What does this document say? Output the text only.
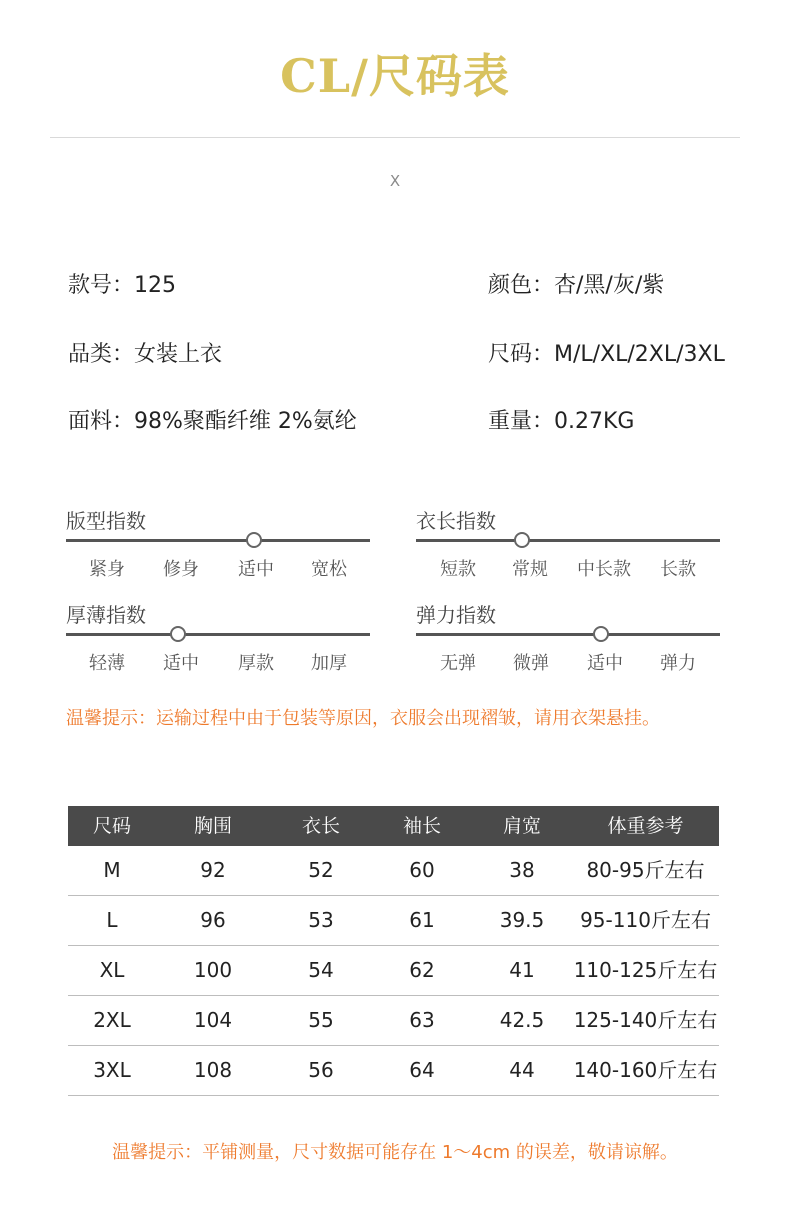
CL/尺码表
X
款号：125	颜色：杏/黑/灰/紫
品类：女装上衣	尺码：M/L/XL/2XL/3XL
面料：98%聚酯纤维 2%氨纶	重量：0.27KG
版型指数
紧身	修身	适中	宽松
衣长指数
短款	常规	中长款	长款
厚薄指数
轻薄	适中	厚款	加厚
弹力指数
无弹	微弹	适中	弹力
温馨提示：运输过程中由于包装等原因，衣服会出现褶皱，请用衣架悬挂。
尺码	胸围	衣长	袖长	肩宽	体重参考
M	92	52	60	38	80-95斤左右
L	96	53	61	39.5	95-110斤左右
XL	100	54	62	41	110-125斤左右
2XL	104	55	63	42.5	125-140斤左右
3XL	108	56	64	44	140-160斤左右
温馨提示：平铺测量，尺寸数据可能存在 1～4cm 的误差，敬请谅解。
